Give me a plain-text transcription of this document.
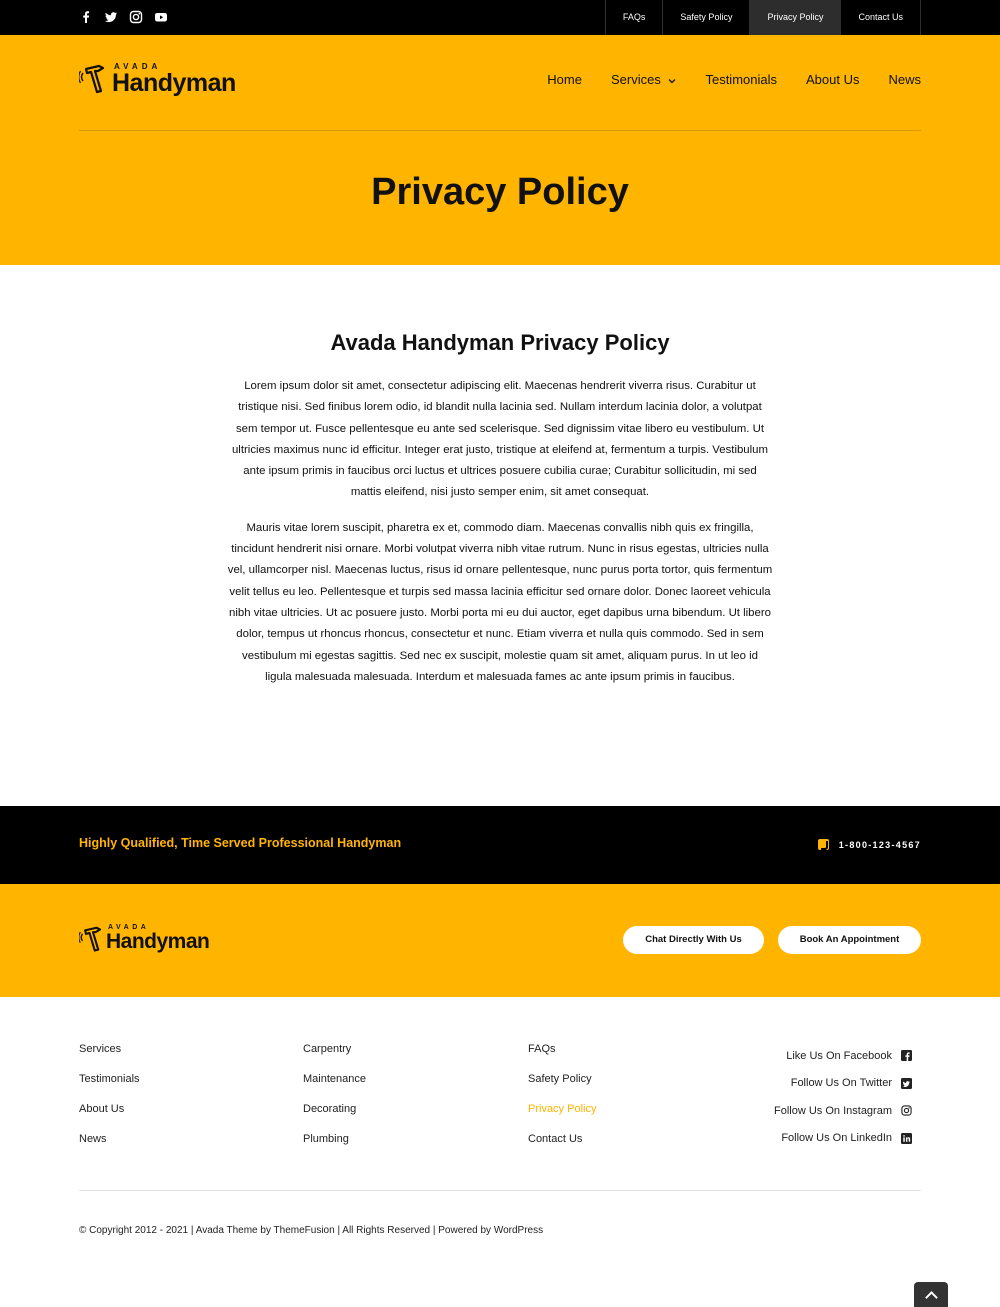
FAQs	Safety Policy	Privacy Policy	Contact Us
AVADA
Handyman	Home Services	Testimonials About Us News
Privacy Policy
Avada Handyman Privacy Policy

Lorem ipsum dolor sit amet, consectetur adipiscing elit. Maecenas hendrerit viverra risus. Curabitur ut tristique nisi. Sed finibus lorem odio, id blandit nulla lacinia sed. Nullam interdum lacinia dolor, a volutpat sem tempor ut. Fusce pellentesque eu ante sed scelerisque. Sed dignissim vitae libero eu vestibulum. Ut ultricies maximus nunc id efficitur. Integer erat justo, tristique at eleifend at, fermentum a turpis. Vestibulum ante ipsum primis in faucibus orci luctus et ultrices posuere cubilia curae; Curabitur sollicitudin, mi sed mattis eleifend, nisi justo semper enim, sit amet consequat.

Mauris vitae lorem suscipit, pharetra ex et, commodo diam. Maecenas convallis nibh quis ex fringilla, tincidunt hendrerit nisi ornare. Morbi volutpat viverra nibh vitae rutrum. Nunc in risus egestas, ultricies nulla vel, ullamcorper nisl. Maecenas luctus, risus id ornare pellentesque, nunc purus porta tortor, quis fermentum velit tellus eu leo. Pellentesque et turpis sed massa lacinia efficitur sed ornare dolor. Donec laoreet vehicula nibh vitae ultricies. Ut ac posuere justo. Morbi porta mi eu dui auctor, eget dapibus urna bibendum. Ut libero dolor, tempus ut rhoncus rhoncus, consectetur et nunc. Etiam viverra et nulla quis commodo. Sed in sem vestibulum mi egestas sagittis. Sed nec ex suscipit, molestie quam sit amet, aliquam purus. In ut leo id ligula malesuada malesuada. Interdum et malesuada fames ac ante ipsum primis in faucibus.

Highly Qualified, Time Served Professional Handyman	1-800-123-4567
AVADA
Handyman	Chat Directly With Us	Book An Appointment
Services
Testimonials
About Us
News
Carpentry
Maintenance
Decorating
Plumbing
FAQs
Safety Policy
Privacy Policy
Contact Us
Like Us On Facebook
Follow Us On Twitter
Follow Us On Instagram
Follow Us On LinkedIn
© Copyright 2012 - 2021 | Avada Theme by ThemeFusion | All Rights Reserved | Powered by WordPress
